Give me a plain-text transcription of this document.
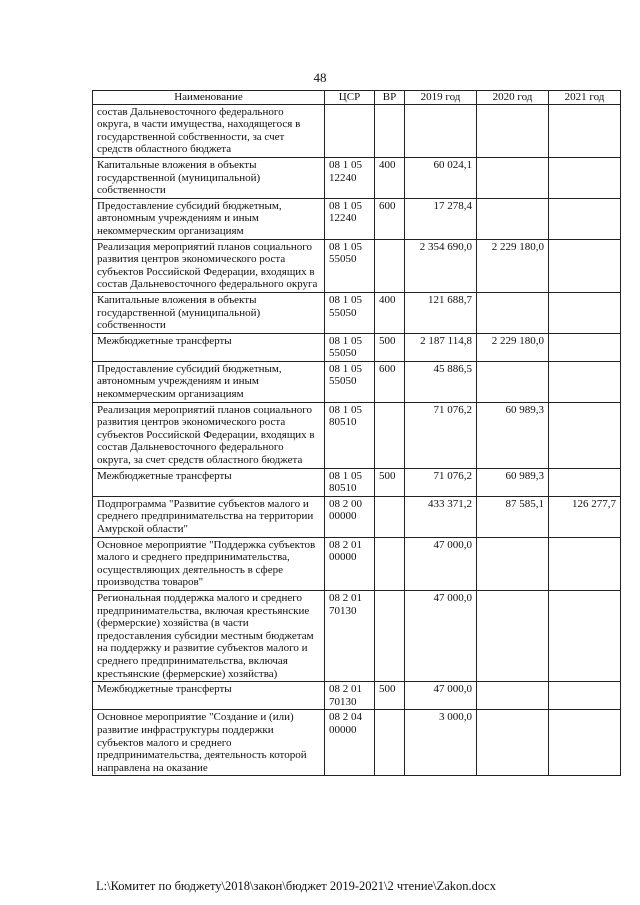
48
Наименование	ЦСР	ВР	2019 год	2020 год	2021 год
состав Дальневосточного федерального округа, в части имущества, находящегося в государственной собственности, за счет средств областного бюджета					
Капитальные вложения в объекты государственной (муниципальной) собственности	08 1 05 12240	400	60 024,1		
Предоставление субсидий бюджетным, автономным учреждениям и иным некоммерческим организациям	08 1 05 12240	600	17 278,4		
Реализация мероприятий планов социального развития центров экономического роста субъектов Российской Федерации, входящих в состав Дальневосточного федерального округа	08 1 05 55050		2 354 690,0	2 229 180,0	
Капитальные вложения в объекты государственной (муниципальной) собственности	08 1 05 55050	400	121 688,7		
Межбюджетные трансферты	08 1 05 55050	500	2 187 114,8	2 229 180,0	
Предоставление субсидий бюджетным, автономным учреждениям и иным некоммерческим организациям	08 1 05 55050	600	45 886,5		
Реализация мероприятий планов социального развития центров экономического роста субъектов Российской Федерации, входящих в состав Дальневосточного федерального округа, за счет средств областного бюджета	08 1 05 80510		71 076,2	60 989,3	
Межбюджетные трансферты	08 1 05 80510	500	71 076,2	60 989,3	
Подпрограмма "Развитие субъектов малого и среднего предпринимательства на территории Амурской области"	08 2 00 00000		433 371,2	87 585,1	126 277,7
Основное мероприятие "Поддержка субъектов малого и среднего предпринимательства, осуществляющих деятельность в сфере производства товаров"	08 2 01 00000		47 000,0		
Региональная поддержка малого и среднего предпринимательства, включая крестьянские (фермерские) хозяйства (в части предоставления субсидии местным бюджетам на поддержку и развитие субъектов малого и среднего предпринимательства, включая крестьянские (фермерские) хозяйства)	08 2 01 70130		47 000,0		
Межбюджетные трансферты	08 2 01 70130	500	47 000,0		
Основное мероприятие "Создание и (или) развитие инфраструктуры поддержки субъектов малого и среднего предпринимательства, деятельность которой направлена на оказание	08 2 04 00000		3 000,0		
L:\Комитет по бюджету\2018\закон\бюджет 2019-2021\2 чтение\Zakon.docx
